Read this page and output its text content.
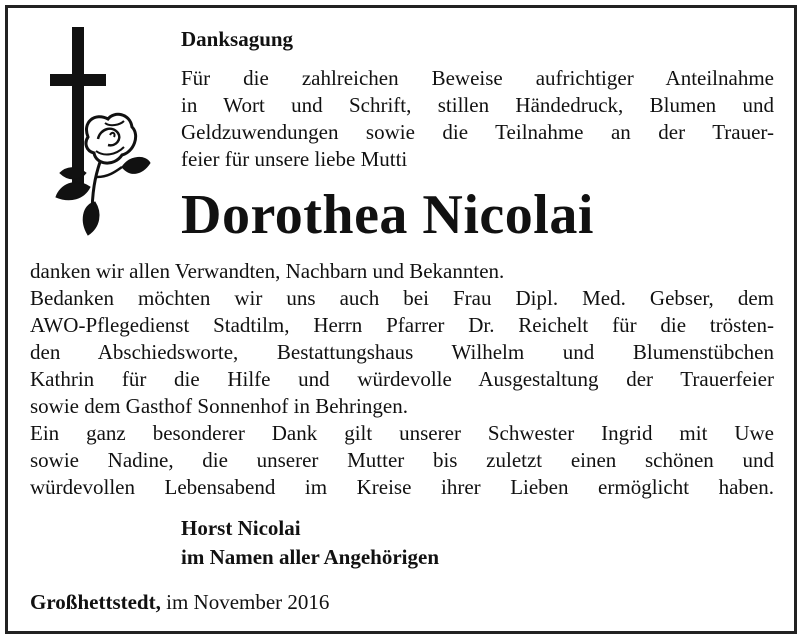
Danksagung
Für die zahlreichen Beweise aufrichtiger Anteilnahme
in Wort und Schrift, stillen Händedruck, Blumen und
Geldzuwendungen sowie die Teilnahme an der Trauer-
feier für unsere liebe Mutti
Dorothea Nicolai
danken wir allen Verwandten, Nachbarn und Bekannten.
Bedanken möchten wir uns auch bei Frau Dipl. Med. Gebser, dem
AWO-Pflegedienst Stadtilm, Herrn Pfarrer Dr. Reichelt für die trösten-
den Abschiedsworte, Bestattungshaus Wilhelm und Blumenstübchen
Kathrin für die Hilfe und würdevolle Ausgestaltung der Trauerfeier
sowie dem Gasthof Sonnenhof in Behringen.
Ein ganz besonderer Dank gilt unserer Schwester Ingrid mit Uwe
sowie Nadine, die unserer Mutter bis zuletzt einen schönen und
würdevollen Lebensabend im Kreise ihrer Lieben ermöglicht haben.
Horst Nicolai
im Namen aller Angehörigen
Großhettstedt, im November 2016
